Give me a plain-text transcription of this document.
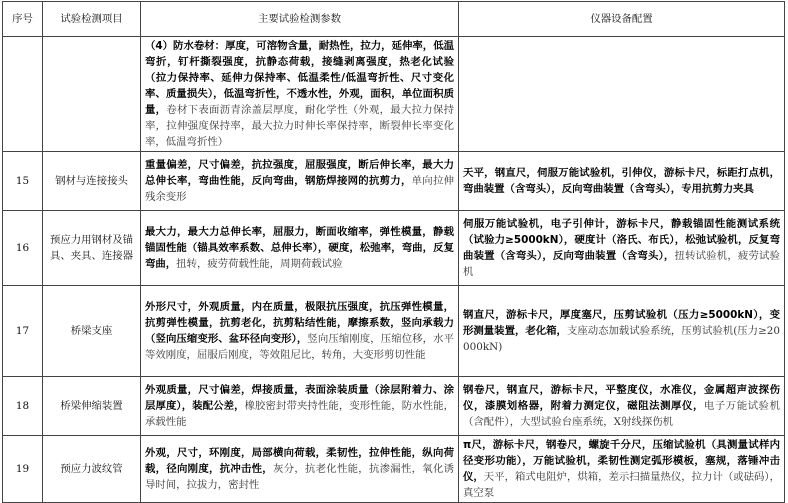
序号	试验检测项目	主要试验检测参数	仪器设备配置
		（4）防水卷材：厚度，可溶物含量，耐热性，拉力，延伸率，低温弯折，钉杆撕裂强度，抗静态荷载，接缝剥离强度，热老化试验（拉力保持率、延伸力保持率、低温柔性/低温弯折性、尺寸变化率、质量损失），低温弯折性，不透水性，外观，面积，单位面积质量，卷材下表面沥青涂盖层厚度，耐化学性（外观，最大拉力保持率，拉伸强度保持率，最大拉力时伸长率保持率，断裂伸长率变化率，低温弯折性）	
15	钢材与连接接头	重量偏差，尺寸偏差，抗拉强度，屈服强度，断后伸长率，最大力总伸长率，弯曲性能，反向弯曲，钢筋焊接网的抗剪力，单向拉伸残余变形	天平，钢直尺，伺服万能试验机，引伸仪，游标卡尺，标距打点机，弯曲装置（含弯头），反向弯曲装置（含弯头），专用抗剪力夹具
16	预应力用钢材及锚具、夹具、连接器	最大力，最大力总伸长率，屈服力，断面收缩率，弹性模量，静载锚固性能（锚具效率系数、总伸长率），硬度，松弛率，弯曲，反复弯曲，扭转，疲劳荷载性能，周期荷载试验	伺服万能试验机，电子引伸计，游标卡尺，静载锚固性能测试系统（试验力≥5000kN），硬度计（洛氏、布氏），松弛试验机，反复弯曲装置（含弯头），反向弯曲装置（含弯头），扭转试验机，疲劳试验机
17	桥梁支座	外形尺寸，外观质量，内在质量，极限抗压强度，抗压弹性模量，抗剪弹性模量，抗剪老化，抗剪粘结性能，摩擦系数，竖向承载力（竖向压缩变形、盆环径向变形），竖向压缩刚度，压缩位移，水平等效刚度，屈服后刚度，等效阻尼比，转角，大变形剪切性能	钢直尺，游标卡尺，厚度塞尺，压剪试验机（压力≥5000kN），变形测量装置，老化箱，支座动态加载试验系统，压剪试验机(压力≥20000kN)
18	桥梁伸缩装置	外观质量，尺寸偏差，焊接质量，表面涂装质量（涂层附着力、涂层厚度），装配公差，橡胶密封带夹持性能，变形性能，防水性能，承载性能	钢卷尺，钢直尺，游标卡尺，平整度仪，水准仪，金属超声波探伤仪，漆膜划格器，附着力测定仪，磁阻法测厚仪，电子万能试验机（含配件），大型试验台座系统，X射线探伤机
19	预应力波纹管	外观，尺寸，环刚度，局部横向荷载，柔韧性，拉伸性能，纵向荷载，径向刚度，抗冲击性，灰分，抗老化性能，抗渗漏性，氧化诱导时间，拉拔力，密封性	π尺，游标卡尺，钢卷尺，螺旋千分尺，压缩试验机（具测量试样内径变形功能），万能试验机，柔韧性测定弧形模板，塞规，落锤冲击仪，天平，箱式电阻炉，烘箱，差示扫描量热仪，拉力计（或砝码），真空泵
